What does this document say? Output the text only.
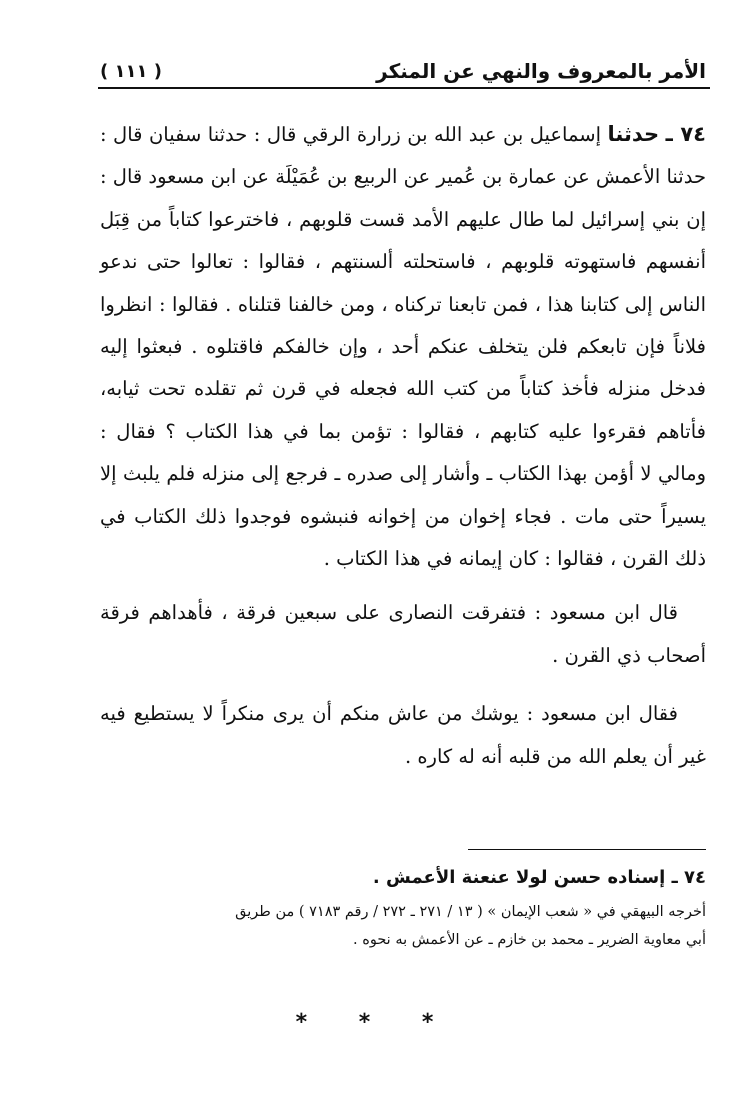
الأمر بالمعروف والنهي عن المنكر
( ١١١ )

٧٤ ـ حدثنا إسماعيل بن عبد الله بن زرارة الرقي قال : حدثنا سفيان قال : حدثنا الأعمش عن عمارة بن عُمير عن الربيع بن عُمَيْلَة عن ابن مسعود قال : إن بني إسرائيل لما طال عليهم الأمد قست قلوبهم ، فاخترعوا كتاباً من قِبَل أنفسهم فاستهوته قلوبهم ، فاستحلته ألسنتهم ، فقالوا : تعالوا حتى ندعو الناس إلى كتابنا هذا ، فمن تابعنا تركناه ، ومن خالفنا قتلناه . فقالوا : انظروا فلاناً فإن تابعكم فلن يتخلف عنكم أحد ، وإن خالفكم فاقتلوه . فبعثوا إليه فدخل منزله فأخذ كتاباً من كتب الله فجعله في قرن ثم تقلده تحت ثيابه، فأتاهم فقرءوا عليه كتابهم ، فقالوا : تؤمن بما في هذا الكتاب ؟ فقال : ومالي لا أؤمن بهذا الكتاب ـ وأشار إلى صدره ـ فرجع إلى منزله فلم يلبث إلا يسيراً حتى مات . فجاء إخوان من إخوانه فنبشوه فوجدوا ذلك الكتاب في ذلك القرن ، فقالوا : كان إيمانه في هذا الكتاب .

قال ابن مسعود : فتفرقت النصارى على سبعين فرقة ، فأهداهم فرقة أصحاب ذي القرن .

فقال ابن مسعود : يوشك من عاش منكم أن يرى منكراً لا يستطيع فيه غير أن يعلم الله من قلبه أنه له كاره .

٧٤ ـ إسناده حسن لولا عنعنة الأعمش .

أخرجه البيهقي في « شعب الإيمان » ( ١٣ / ٢٧١ ـ ٢٧٢ / رقم ٧١٨٣ ) من طريق

أبي معاوية الضرير ـ محمد بن خازم ـ عن الأعمش به نحوه .

* * *
